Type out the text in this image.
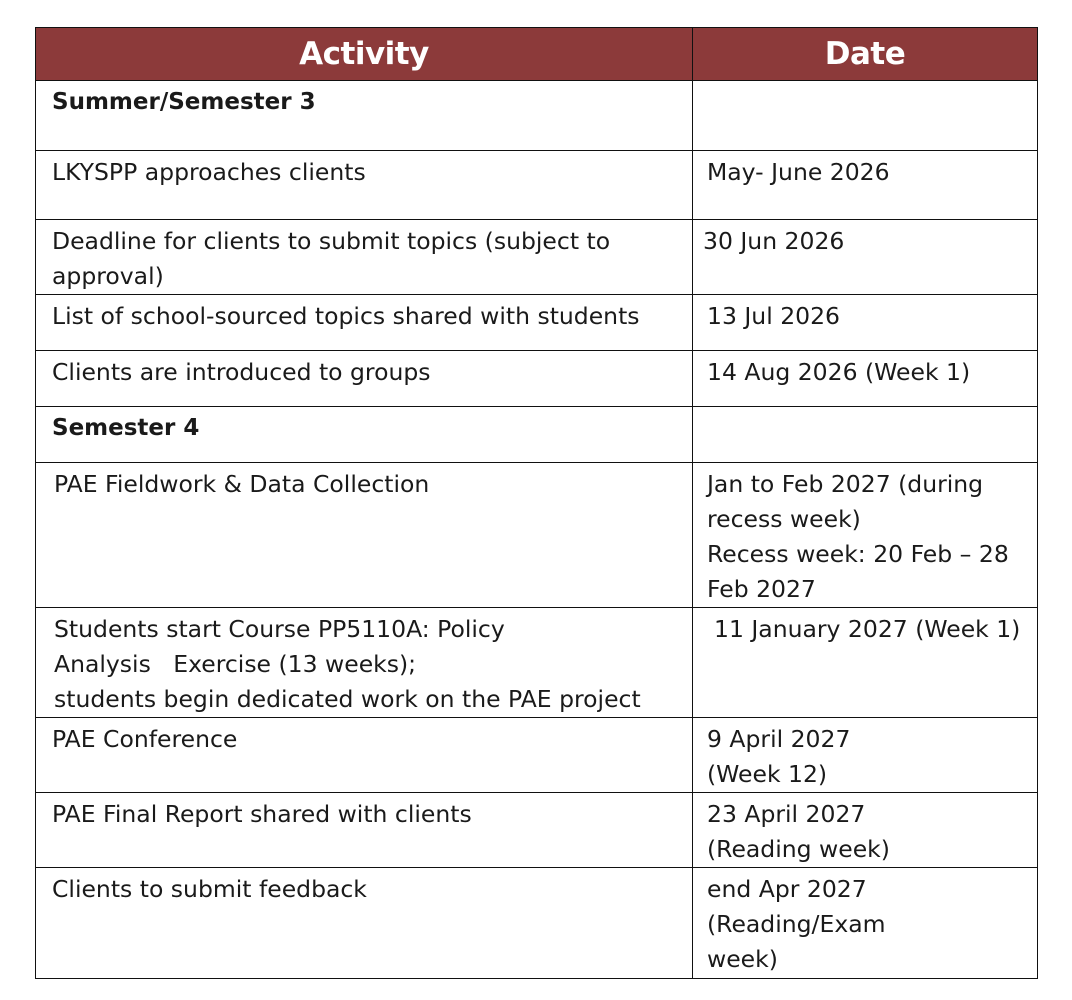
Activity	Date
Summer/Semester 3	
LKYSPP approaches clients	May- June 2026

Deadline for clients to submit topics (subject to approval)	30 Jun 2026
List of school-sourced topics shared with students	13 Jul 2026
Clients are introduced to groups	14 Aug 2026 (Week 1)
Semester 4	
PAE Fieldwork & Data Collection	Jan to Feb 2027 (during
recess week)
Recess week: 20 Feb – 28
Feb 2027

Students start Course PP5110A: Policy
Analysis   Exercise (13 weeks);
students begin dedicated work on the PAE project	11 January 2027 (Week 1)
PAE Conference	9 April 2027
(Week 12)

PAE Final Report shared with clients	23 April 2027
(Reading week)

Clients to submit feedback	end Apr 2027
(Reading/Exam
week)
